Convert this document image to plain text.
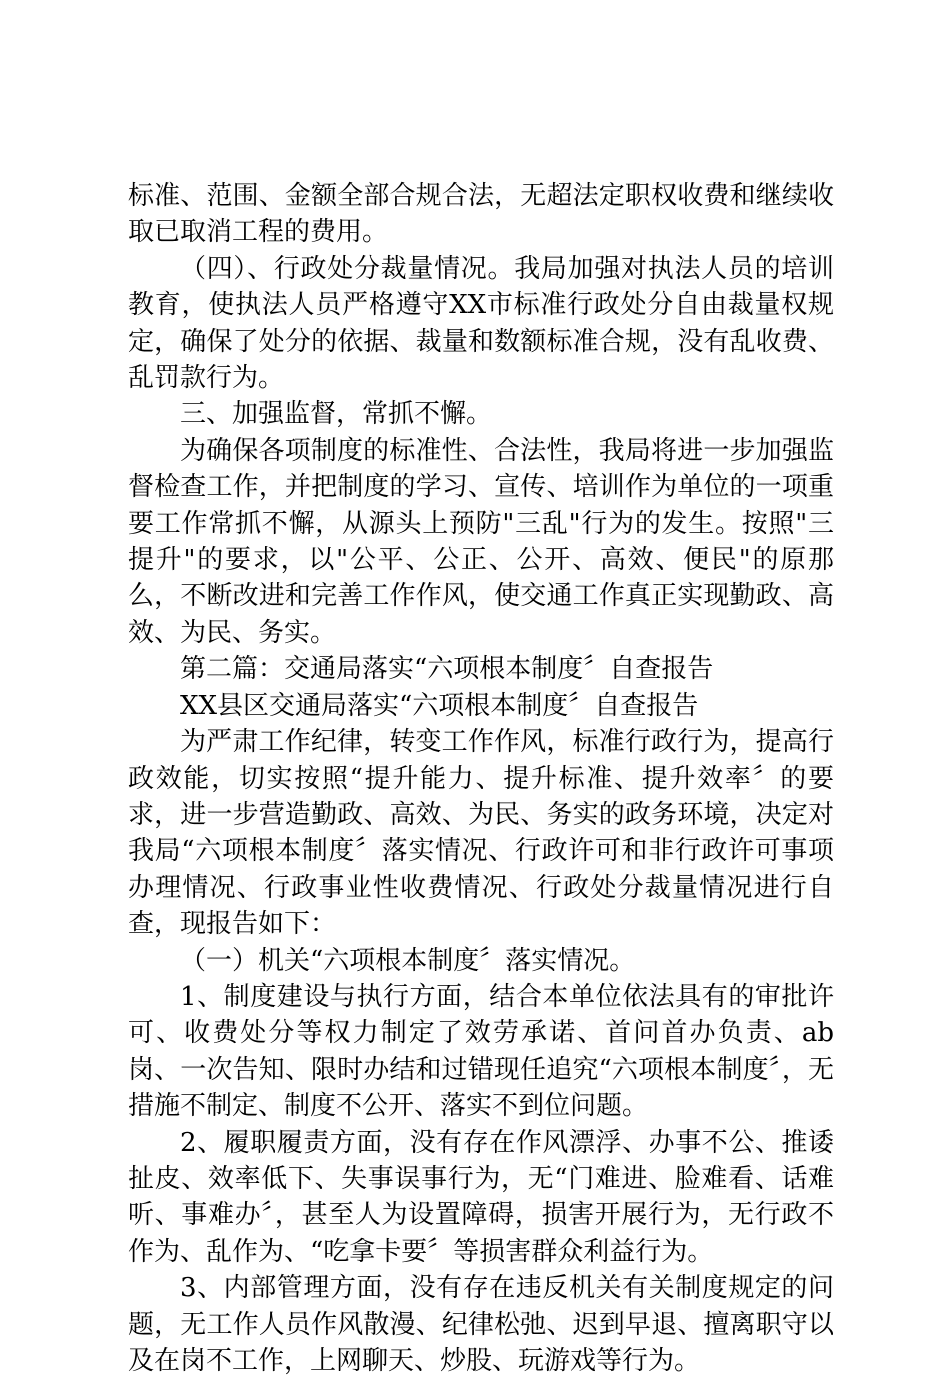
标准、范围、金额全部合规合法，无超法定职权收费和继续收取已取消工程的费用。

（四）、行政处分裁量情况。我局加强对执法人员的培训教育，使执法人员严格遵守XX市标准行政处分自由裁量权规定，确保了处分的依据、裁量和数额标准合规，没有乱收费、乱罚款行为。

三、加强监督，常抓不懈。

为确保各项制度的标准性、合法性，我局将进一步加强监督检查工作，并把制度的学习、宣传、培训作为单位的一项重要工作常抓不懈，从源头上预防"三乱"行为的发生。按照"三提升"的要求，以"公平、公正、公开、高效、便民"的原那么，不断改进和完善工作作风，使交通工作真正实现勤政、高效、为民、务实。

第二篇：交通局落实“六项根本制度〞自查报告

XX县区交通局落实“六项根本制度〞自查报告

为严肃工作纪律，转变工作作风，标准行政行为，提高行政效能，切实按照“提升能力、提升标准、提升效率〞的要求，进一步营造勤政、高效、为民、务实的政务环境，决定对我局“六项根本制度〞落实情况、行政许可和非行政许可事项办理情况、行政事业性收费情况、行政处分裁量情况进行自查，现报告如下：

（一）机关“六项根本制度〞落实情况。

1、制度建设与执行方面，结合本单位依法具有的审批许可、收费处分等权力制定了效劳承诺、首问首办负责、ab岗、一次告知、限时办结和过错现任追究“六项根本制度〞，无措施不制定、制度不公开、落实不到位问题。

2、履职履责方面，没有存在作风漂浮、办事不公、推诿扯皮、效率低下、失事误事行为，无“门难进、脸难看、话难听、事难办〞，甚至人为设置障碍，损害开展行为，无行政不作为、乱作为、“吃拿卡要〞等损害群众利益行为。

3、内部管理方面，没有存在违反机关有关制度规定的问题，无工作人员作风散漫、纪律松弛、迟到早退、擅离职守以及在岗不工作，上网聊天、炒股、玩游戏等行为。
